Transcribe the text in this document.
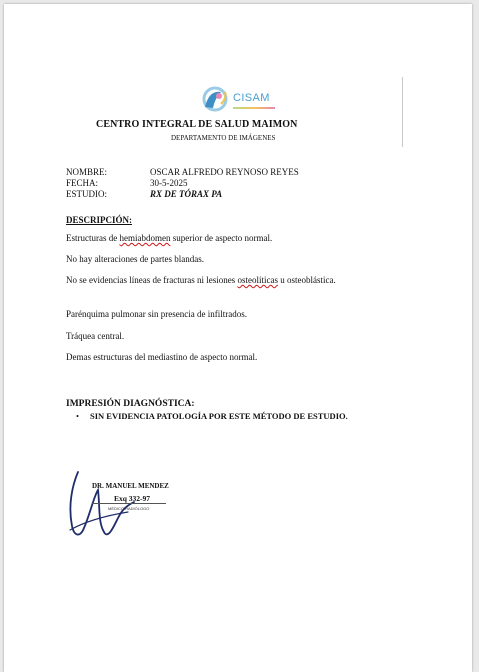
CISAM
CENTRO INTEGRAL DE SALUD MAIMON
DEPARTAMENTO DE IMÁGENES
NOMBRE:	OSCAR ALFREDO REYNOSO REYES
FECHA:	30-5-2025
ESTUDIO:	RX DE TÓRAX PA
DESCRIPCIÓN:
Estructuras de hemiabdomen superior de aspecto normal.
No hay alteraciones de partes blandas.
No se evidencias líneas de fracturas ni lesiones osteolíticas u osteoblástica.
Parénquima pulmonar sin presencia de infiltrados.
Tráquea central.
Demas estructuras del mediastino de aspecto normal.
IMPRESIÓN DIAGNÓSTICA:
• SIN EVIDENCIA PATOLOGÍA POR ESTE MÉTODO DE ESTUDIO.
DR. MANUEL MENDEZ
Exq 332-97
MÉDICO RADIÓLOGO
